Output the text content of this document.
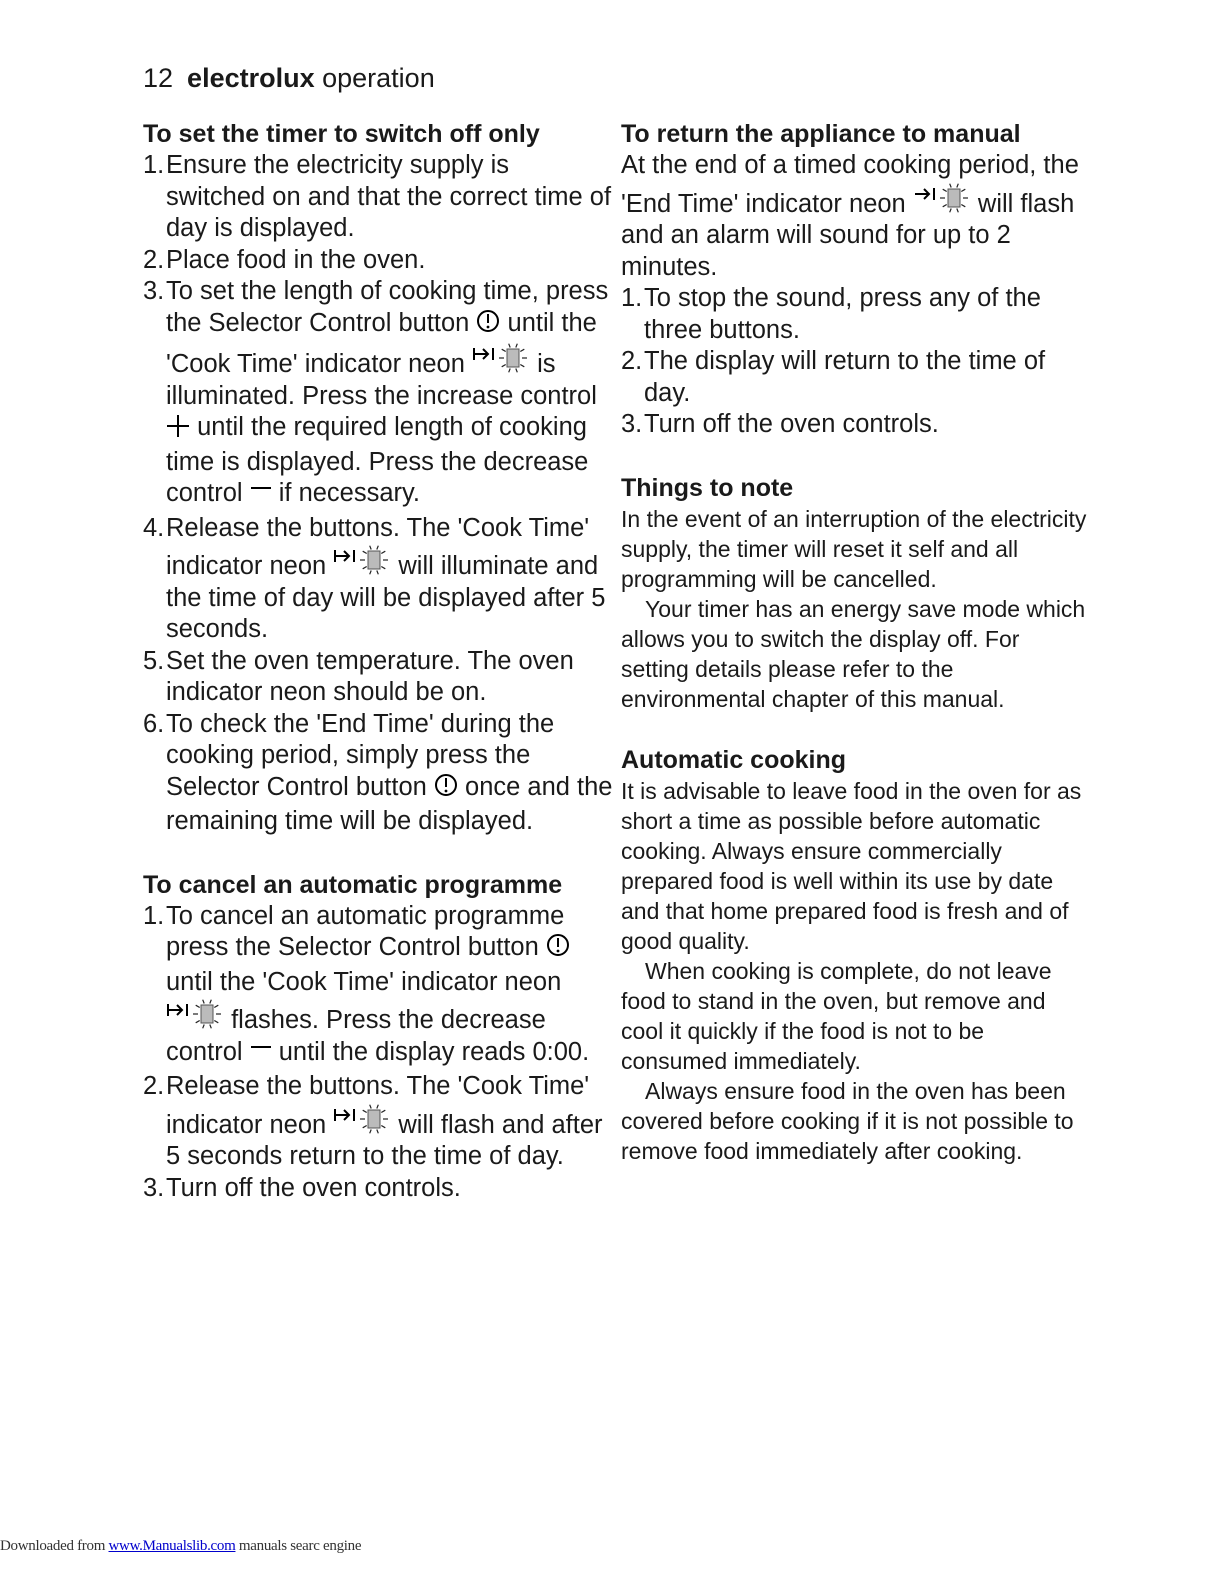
12 electrolux operation
To set the timer to switch off only
1. Ensure the electricity supply is switched on and that the correct time of day is displayed.
2. Place food in the oven.
3. To set the length of cooking time, press the Selector Control button until the 'Cook Time' indicator neon	is illuminated. Press the increase control  until the required length of cooking time is displayed. Press the decrease control if necessary.
4. Release the buttons. The 'Cook Time' indicator neon	will illuminate and the time of day will be displayed after 5 seconds.
5. Set the oven temperature. The oven indicator neon should be on.
6. To check the 'End Time' during the cooking period, simply press the Selector Control button once and the remaining time will be displayed.
To cancel an automatic programme
1. To cancel an automatic programme press the Selector Control button  until the 'Cook Time' indicator neon
flashes. Press the decrease control until the display reads 0:00.
2. Release the buttons. The 'Cook Time' indicator neon	will flash and after 5 seconds return to the time of day.
3. Turn off the oven controls.
To return the appliance to manual

At the end of a timed cooking period, the 'End Time' indicator neon	will flash and an alarm will sound for up to 2 minutes.

1. To stop the sound, press any of the three buttons.
2. The display will return to the time of day.
3. Turn off the oven controls.
Things to note

In the event of an interruption of the electricity supply, the timer will reset it self and all programming will be cancelled.

Your timer has an energy save mode which allows you to switch the display off. For setting details please refer to the environmental chapter of this manual.

Automatic cooking

It is advisable to leave food in the oven for as short a time as possible before automatic cooking. Always ensure commercially prepared food is well within its use by date and that home prepared food is fresh and of good quality.

When cooking is complete, do not leave food to stand in the oven, but remove and cool it quickly if the food is not to be consumed immediately.

Always ensure food in the oven has been covered before cooking if it is not possible to remove food immediately after cooking.

Downloaded from www.Manualslib.com manuals searc engine
